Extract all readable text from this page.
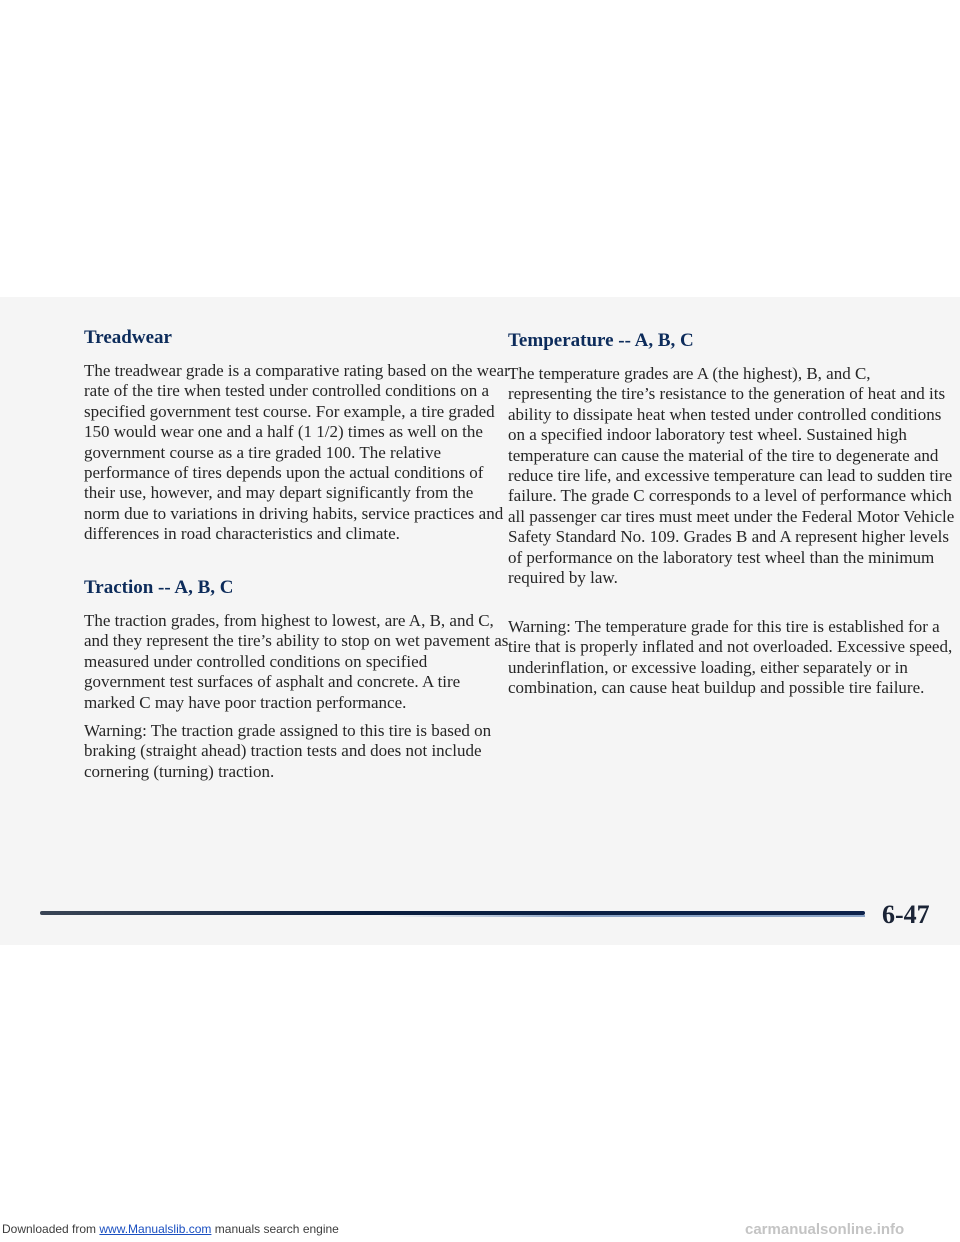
Treadwear

The treadwear grade is a comparative rating based on the wear rate of the tire when tested under controlled conditions on a specified government test course. For example, a tire graded 150 would wear one and a half (1 1/2) times as well on the government course as a tire graded 100. The relative performance of tires depends upon the actual conditions of their use, however, and may depart significantly from the norm due to variations in driving habits, service practices and differences in road characteristics and climate.

Traction -- A, B, C

The traction grades, from highest to lowest, are A, B, and C, and they represent the tire’s ability to stop on wet pavement as measured under controlled conditions on specified government test surfaces of asphalt and concrete. A tire marked C may have poor traction performance.

Warning: The traction grade assigned to this tire is based on braking (straight ahead) traction tests and does not include cornering (turning) traction.

Temperature -- A, B, C

The temperature grades are A (the highest), B, and C, representing the tire’s resistance to the generation of heat and its ability to dissipate heat when tested under controlled conditions on a specified indoor laboratory test wheel. Sustained high temperature can cause the material of the tire to degenerate and reduce tire life, and excessive temperature can lead to sudden tire failure. The grade C corresponds to a level of performance which all passenger car tires must meet under the Federal Motor Vehicle Safety Standard No. 109. Grades B and A represent higher levels of performance on the laboratory test wheel than the minimum required by law.

Warning: The temperature grade for this tire is established for a tire that is properly inflated and not overloaded. Excessive speed, underinflation, or excessive loading, either separately or in combination, can cause heat buildup and possible tire failure.

6-47
Downloaded from www.Manualslib.com manuals search engine	carmanualsonline.info
